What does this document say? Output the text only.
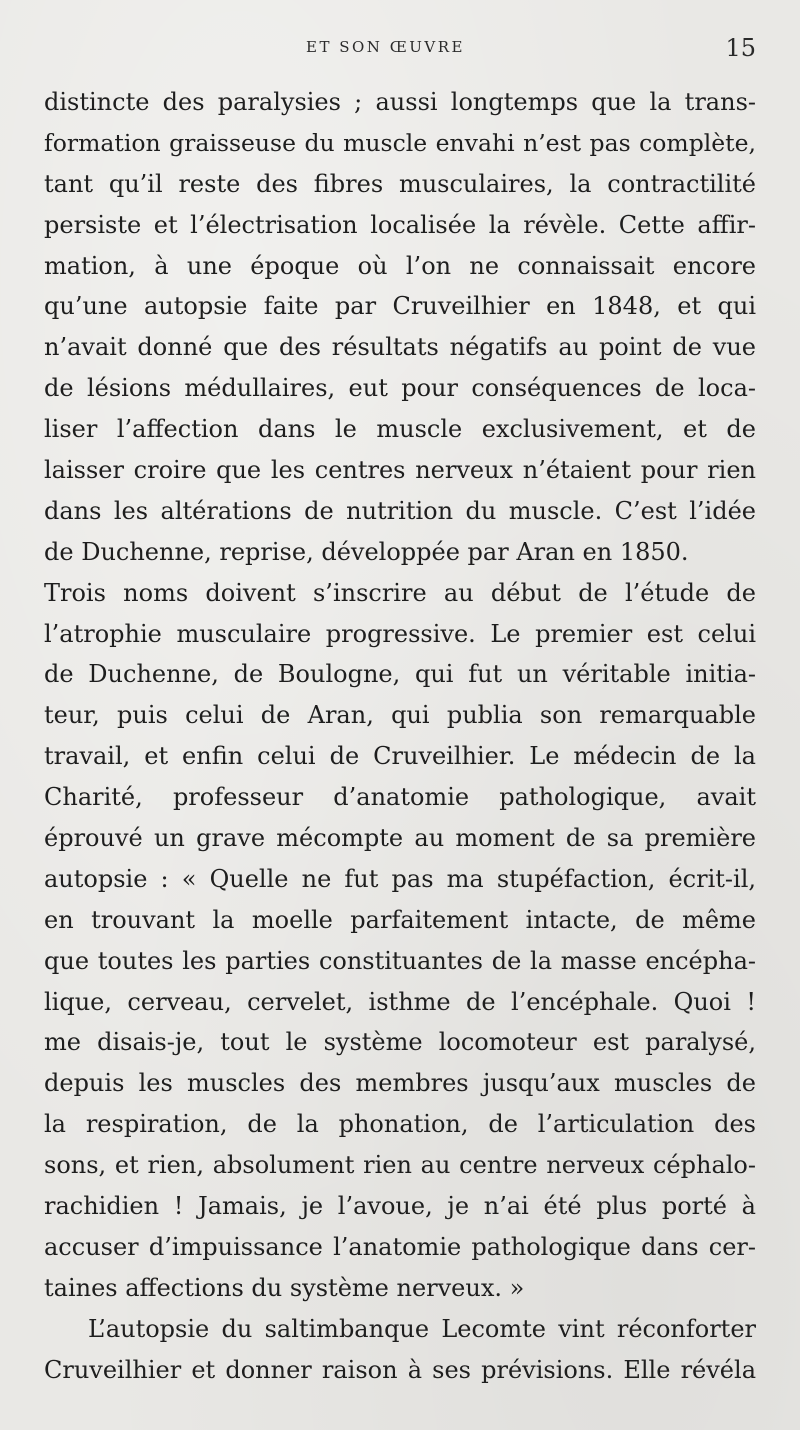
ET SON ŒUVRE	15
distincte des paralysies ; aussi longtemps que la trans-
formation graisseuse du muscle envahi n’est pas complète,
tant qu’il reste des fibres musculaires, la contractilité
persiste et l’électrisation localisée la révèle. Cette affir-
mation, à une époque où l’on ne connaissait encore
qu’une autopsie faite par Cruveilhier en 1848, et qui
n’avait donné que des résultats négatifs au point de vue
de lésions médullaires, eut pour conséquences de loca-
liser l’affection dans le muscle exclusivement, et de
laisser croire que les centres nerveux n’étaient pour rien
dans les altérations de nutrition du muscle. C’est l’idée
de Duchenne, reprise, développée par Aran en 1850.
Trois noms doivent s’inscrire au début de l’étude de
l’atrophie musculaire progressive. Le premier est celui
de Duchenne, de Boulogne, qui fut un véritable initia-
teur, puis celui de Aran, qui publia son remarquable
travail, et enfin celui de Cruveilhier. Le médecin de la
Charité, professeur d’anatomie pathologique, avait
éprouvé un grave mécompte au moment de sa première
autopsie : « Quelle ne fut pas ma stupéfaction, écrit-il,
en trouvant la moelle parfaitement intacte, de même
que toutes les parties constituantes de la masse encépha-
lique, cerveau, cervelet, isthme de l’encéphale. Quoi !
me disais-je, tout le système locomoteur est paralysé,
depuis les muscles des membres jusqu’aux muscles de
la respiration, de la phonation, de l’articulation des
sons, et rien, absolument rien au centre nerveux céphalo-
rachidien ! Jamais, je l’avoue, je n’ai été plus porté à
accuser d’impuissance l’anatomie pathologique dans cer-
taines affections du système nerveux. »
L’autopsie du saltimbanque Lecomte vint réconforter
Cruveilhier et donner raison à ses prévisions. Elle révéla
